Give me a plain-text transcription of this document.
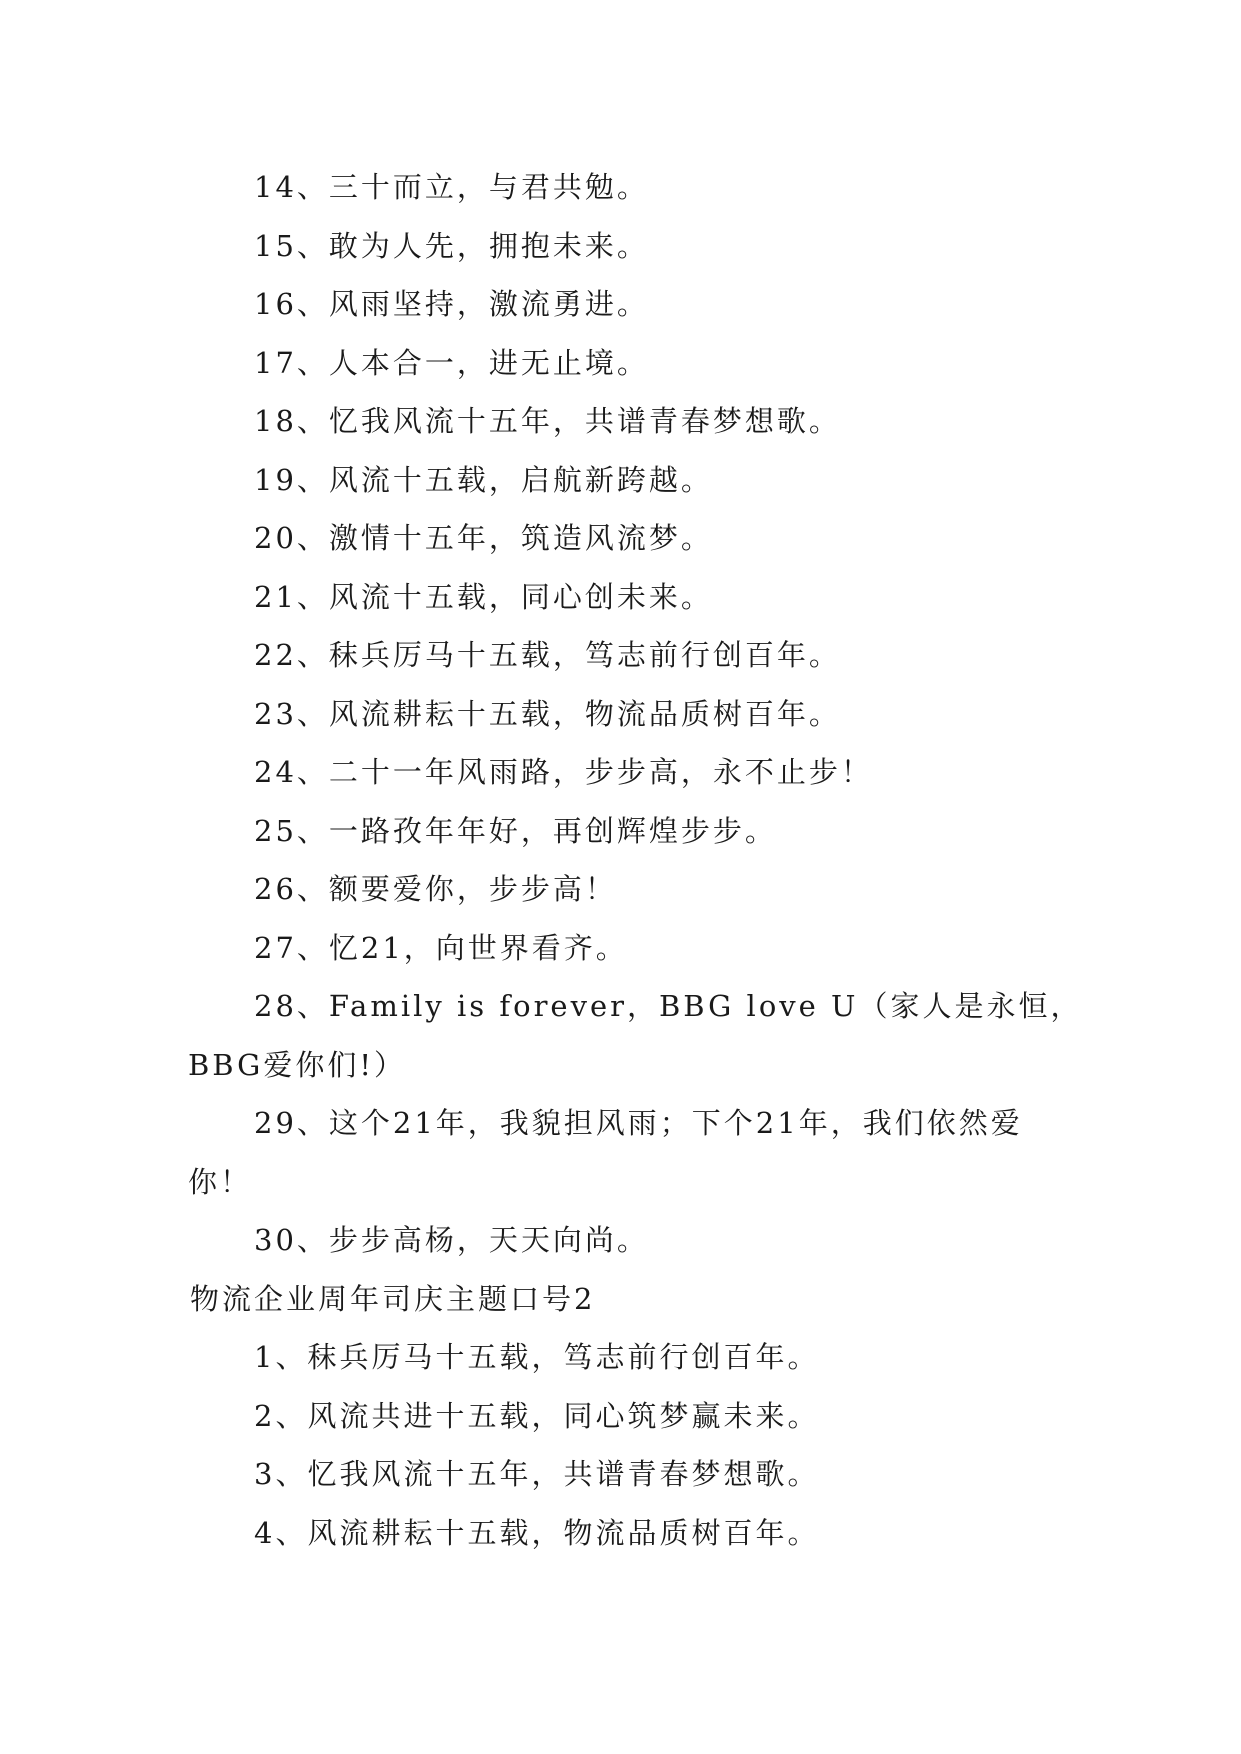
14、三十而立，与君共勉。
15、敢为人先，拥抱未来。
16、风雨坚持，激流勇进。
17、人本合一，进无止境。
18、忆我风流十五年，共谱青春梦想歌。
19、风流十五载，启航新跨越。
20、激情十五年，筑造风流梦。
21、风流十五载，同心创未来。
22、秣兵厉马十五载，笃志前行创百年。
23、风流耕耘十五载，物流品质树百年。
24、二十一年风雨路，步步高，永不止步！
25、一路孜年年好，再创辉煌步步。
26、额要爱你，步步高！
27、忆21，向世界看齐。
28、Family is forever，BBG love U（家人是永恒，
BBG爱你们!）
29、这个21年，我貌担风雨；下个21年，我们依然爱
你！
30、步步高杨，天天向尚。
物流企业周年司庆主题口号2
1、秣兵厉马十五载，笃志前行创百年。
2、风流共进十五载，同心筑梦赢未来。
3、忆我风流十五年，共谱青春梦想歌。
4、风流耕耘十五载，物流品质树百年。
